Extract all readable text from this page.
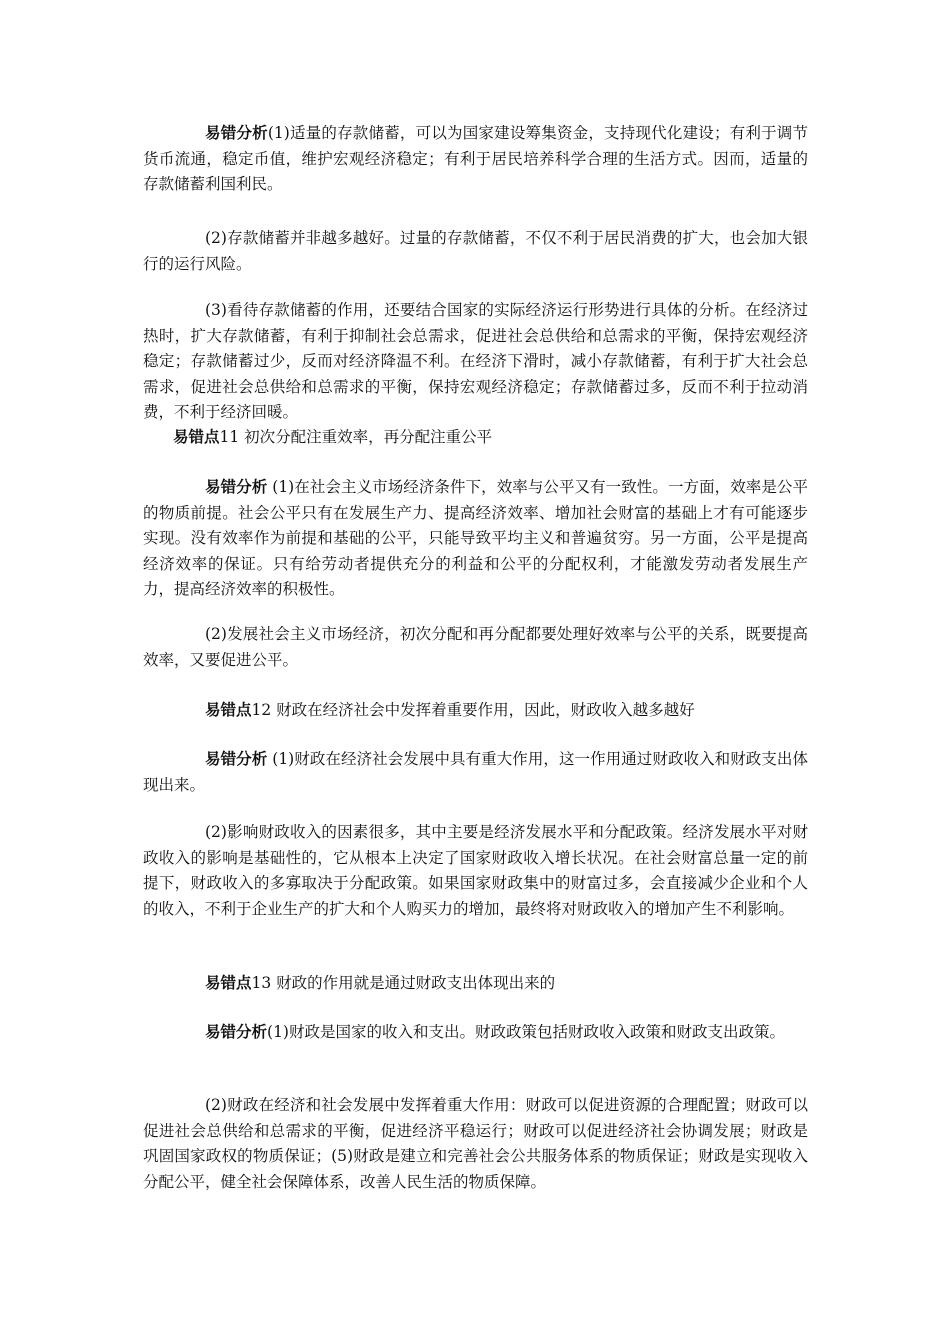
易错分析(1)适量的存款储蓄，可以为国家建设筹集资金，支持现代化建设；有利于调节货币流通，稳定币值，维护宏观经济稳定；有利于居民培养科学合理的生活方式。因而，适量的存款储蓄利国利民。

(2)存款储蓄并非越多越好。过量的存款储蓄，不仅不利于居民消费的扩大，也会加大银行的运行风险。

(3)看待存款储蓄的作用，还要结合国家的实际经济运行形势进行具体的分析。在经济过热时，扩大存款储蓄，有利于抑制社会总需求，促进社会总供给和总需求的平衡，保持宏观经济稳定；存款储蓄过少，反而对经济降温不利。在经济下滑时，减小存款储蓄，有利于扩大社会总需求，促进社会总供给和总需求的平衡，保持宏观经济稳定；存款储蓄过多，反而不利于拉动消费，不利于经济回暖。

易错点11 初次分配注重效率，再分配注重公平

易错分析 (1)在社会主义市场经济条件下，效率与公平又有一致性。一方面，效率是公平的物质前提。社会公平只有在发展生产力、提高经济效率、增加社会财富的基础上才有可能逐步实现。没有效率作为前提和基础的公平，只能导致平均主义和普遍贫穷。另一方面，公平是提高经济效率的保证。只有给劳动者提供充分的利益和公平的分配权利，才能激发劳动者发展生产力，提高经济效率的积极性。

(2)发展社会主义市场经济，初次分配和再分配都要处理好效率与公平的关系，既要提高效率，又要促进公平。

易错点12 财政在经济社会中发挥着重要作用，因此，财政收入越多越好

易错分析 (1)财政在经济社会发展中具有重大作用，这一作用通过财政收入和财政支出体现出来。

(2)影响财政收入的因素很多，其中主要是经济发展水平和分配政策。经济发展水平对财政收入的影响是基础性的，它从根本上决定了国家财政收入增长状况。在社会财富总量一定的前提下，财政收入的多寡取决于分配政策。如果国家财政集中的财富过多，会直接减少企业和个人的收入，不利于企业生产的扩大和个人购买力的增加，最终将对财政收入的增加产生不利影响。

易错点13 财政的作用就是通过财政支出体现出来的

易错分析(1)财政是国家的收入和支出。财政政策包括财政收入政策和财政支出政策。

(2)财政在经济和社会发展中发挥着重大作用：财政可以促进资源的合理配置；财政可以促进社会总供给和总需求的平衡，促进经济平稳运行；财政可以促进经济社会协调发展；财政是巩固国家政权的物质保证；(5)财政是建立和完善社会公共服务体系的物质保证；财政是实现收入分配公平，健全社会保障体系，改善人民生活的物质保障。
